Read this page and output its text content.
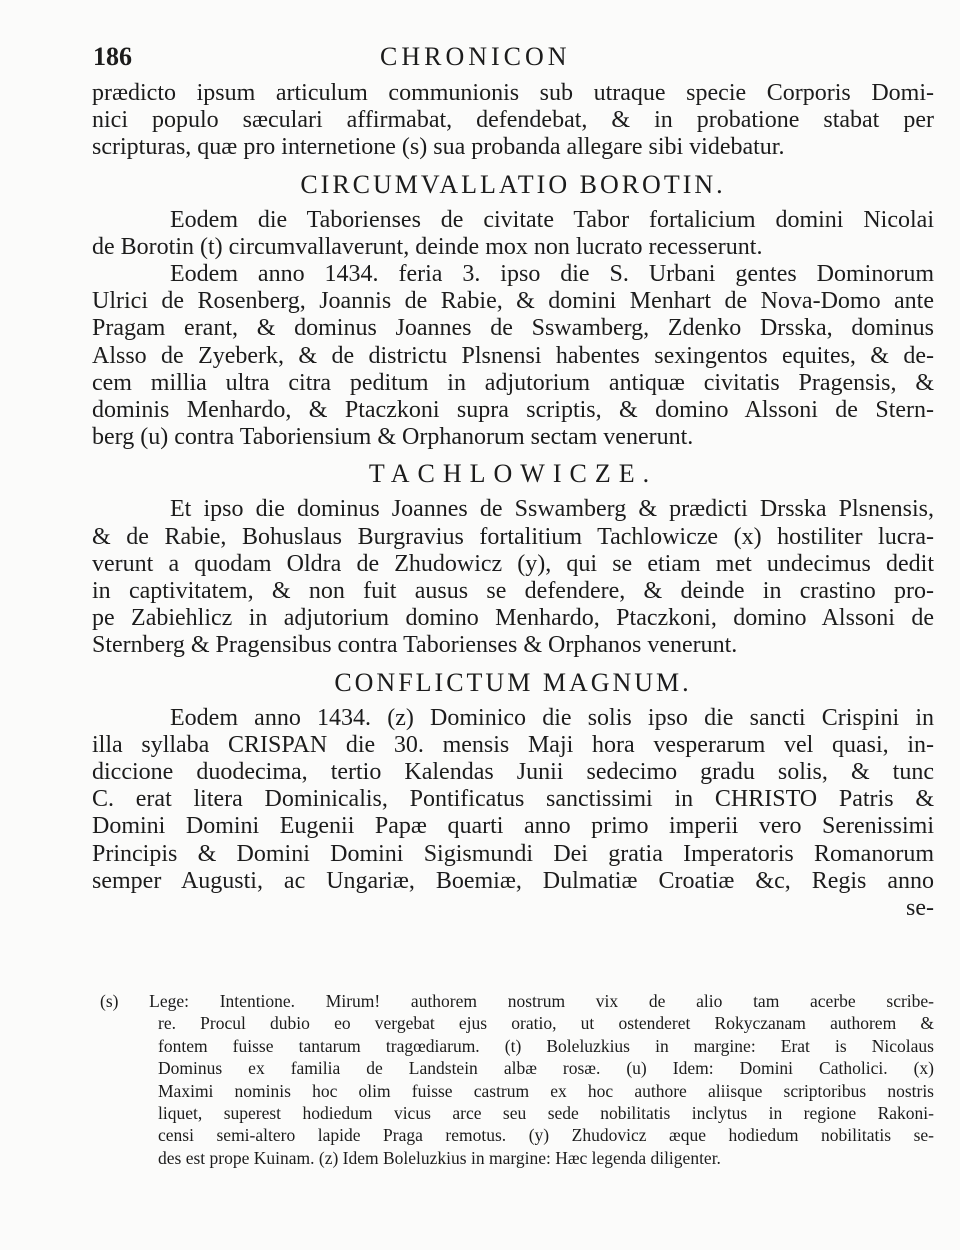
186	CHRONICON
prædicto ipsum articulum communionis sub utraque specie Corporis Domi-
nici populo sæculari affirmabat, defendebat, & in probatione stabat per
scripturas, quæ pro internetione (s) sua probanda allegare sibi videbatur.
CIRCUMVALLATIO BOROTIN.
Eodem die Taborienses de civitate Tabor fortalicium domini Nicolai
de Borotin (t) circumvallaverunt, deinde mox non lucrato recesserunt.
Eodem anno 1434. feria 3. ipso die S. Urbani gentes Dominorum
Ulrici de Rosenberg, Joannis de Rabie, & domini Menhart de Nova-Domo ante
Pragam erant, & dominus Joannes de Sswamberg, Zdenko Drsska, dominus
Alsso de Zyeberk, & de districtu Plsnensi habentes sexingentos equites, & de-
cem millia ultra citra peditum in adjutorium antiquæ civitatis Pragensis, &
dominis Menhardo, & Ptaczkoni supra scriptis, & domino Alssoni de Stern-
berg (u) contra Taboriensium & Orphanorum sectam venerunt.
TACHLOWICZE.
Et ipso die dominus Joannes de Sswamberg & prædicti Drsska Plsnensis,
& de Rabie, Bohuslaus Burgravius fortalitium Tachlowicze (x) hostiliter lucra-
verunt a quodam Oldra de Zhudowicz (y), qui se etiam met undecimus dedit
in captivitatem, & non fuit ausus se defendere, & deinde in crastino pro-
pe Zabiehlicz in adjutorium domino Menhardo, Ptaczkoni, domino Alssoni de
Sternberg & Pragensibus contra Taborienses & Orphanos venerunt.
CONFLICTUM MAGNUM.
Eodem anno 1434. (z) Dominico die solis ipso die sancti Crispini in
illa syllaba CRISPAN die 30. mensis Maji hora vesperarum vel quasi, in-
diccione duodecima, tertio Kalendas Junii sedecimo gradu solis, & tunc
C. erat litera Dominicalis, Pontificatus sanctissimi in CHRISTO Patris &
Domini Domini Eugenii Papæ quarti anno primo imperii vero Serenissimi
Principis & Domini Domini Sigismundi Dei gratia Imperatoris Romanorum
semper Augusti, ac Ungariæ, Boemiæ, Dulmatiæ Croatiæ &c, Regis anno
se-
(s) Lege: Intentione. Mirum! authorem nostrum vix de alio tam acerbe scribe-
re. Procul dubio eo vergebat ejus oratio, ut ostenderet Rokyczanam authorem &
fontem fuisse tantarum tragœdiarum. (t) Boleluzkius in margine: Erat is Nicolaus
Dominus ex familia de Landstein albæ rosæ. (u) Idem: Domini Catholici. (x)
Maximi nominis hoc olim fuisse castrum ex hoc authore aliisque scriptoribus nostris
liquet, superest hodiedum vicus arce seu sede nobilitatis inclytus in regione Rakoni-
censi semi-altero lapide Praga remotus. (y) Zhudovicz æque hodiedum nobilitatis se-
des est prope Kuinam. (z) Idem Boleluzkius in margine: Hæc legenda diligenter.
